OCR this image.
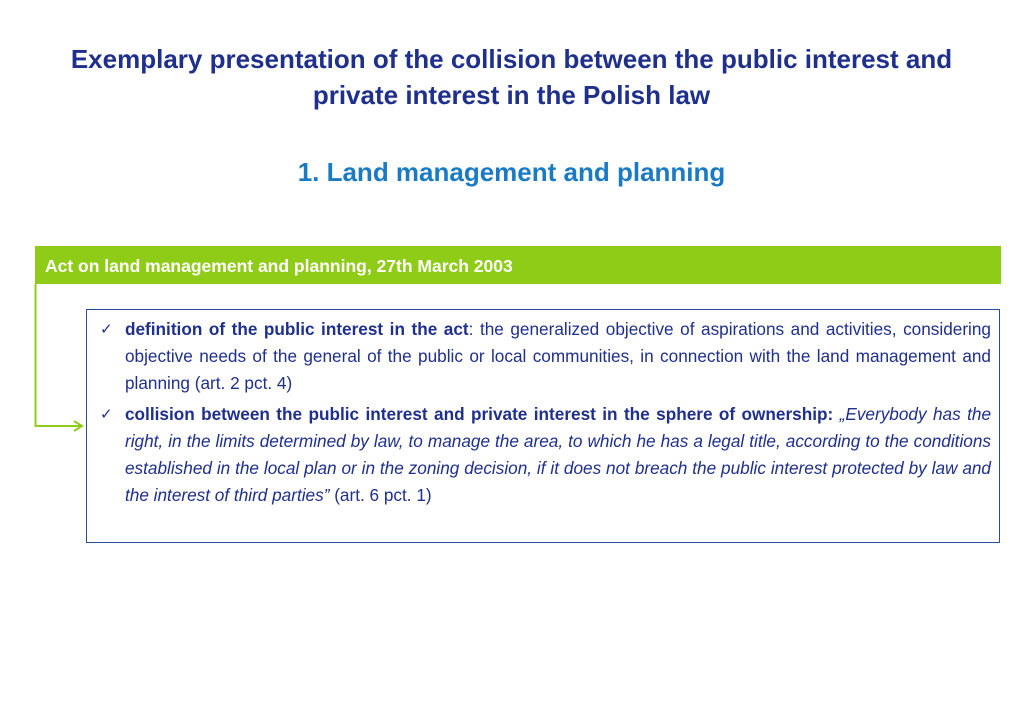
Exemplary presentation of the collision between the public interest and private interest in the Polish law
1. Land management and planning
Act on land management and planning, 27th March 2003
✓ definition of the public interest in the act: the generalized objective of aspirations and activities, considering objective needs of the general of the public or local communities, in connection with the land management and planning (art. 2 pct. 4)
✓ collision between the public interest and private interest in the sphere of ownership: „Everybody has the right, in the limits determined by law, to manage the area, to which he has a legal title, according to the conditions established in the local plan or in the zoning decision, if it does not breach the public interest protected by law and the interest of third parties” (art. 6 pct. 1)
